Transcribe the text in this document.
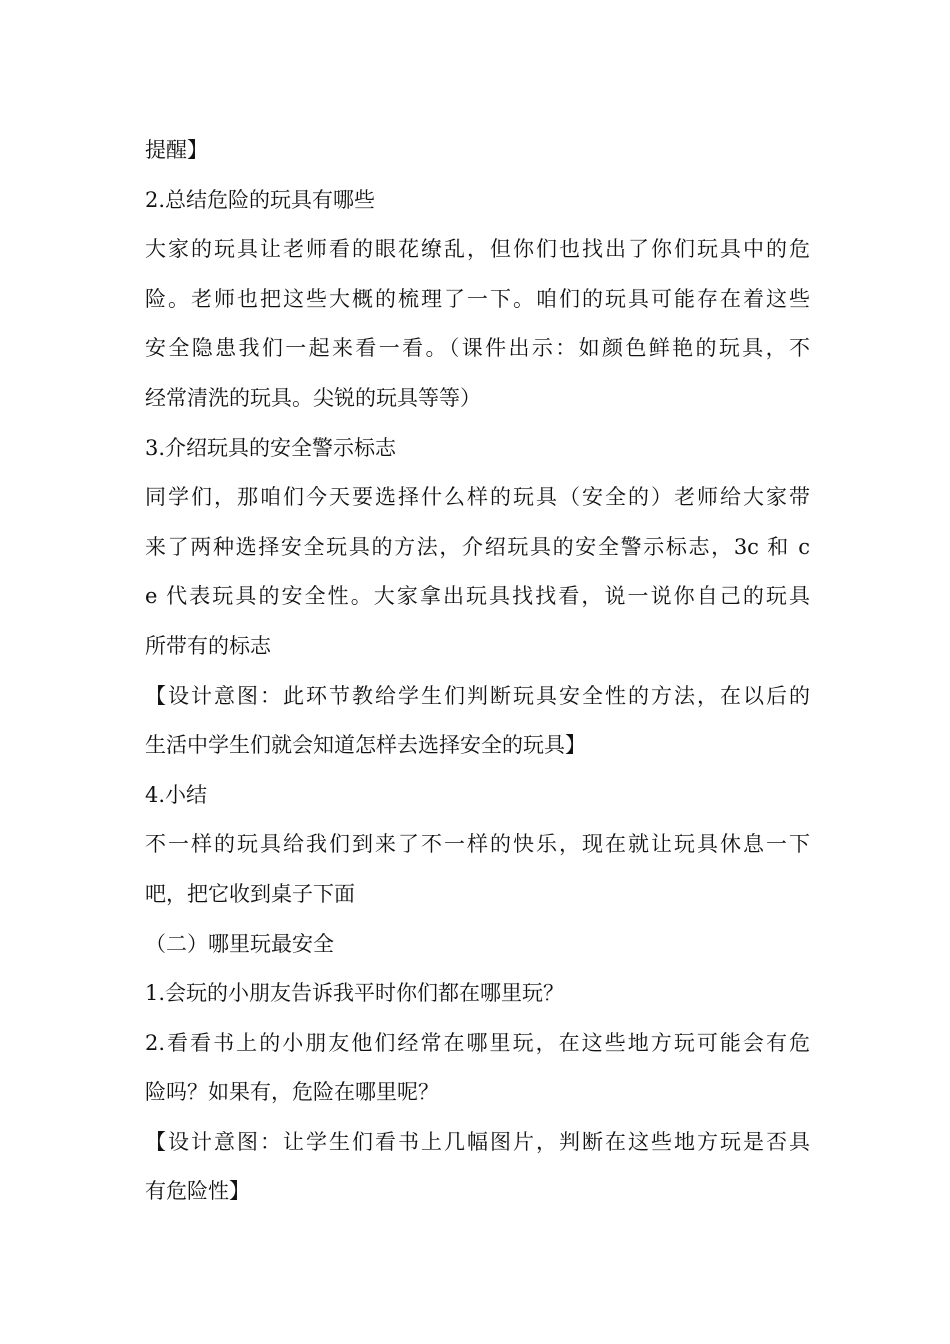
提醒】
2.总结危险的玩具有哪些
大家的玩具让老师看的眼花缭乱，但你们也找出了你们玩具中的危
险。老师也把这些大概的梳理了一下。咱们的玩具可能存在着这些
安全隐患我们一起来看一看。（课件出示：如颜色鲜艳的玩具，不
经常清洗的玩具。尖锐的玩具等等）
3.介绍玩具的安全警示标志
同学们，那咱们今天要选择什么样的玩具（安全的）老师给大家带
来了两种选择安全玩具的方法，介绍玩具的安全警示标志，3c 和 c
e 代表玩具的安全性。大家拿出玩具找找看，说一说你自己的玩具
所带有的标志
【设计意图：此环节教给学生们判断玩具安全性的方法，在以后的
生活中学生们就会知道怎样去选择安全的玩具】
4.小结
不一样的玩具给我们到来了不一样的快乐，现在就让玩具休息一下
吧，把它收到桌子下面
（二）哪里玩最安全
1.会玩的小朋友告诉我平时你们都在哪里玩？
2.看看书上的小朋友他们经常在哪里玩，在这些地方玩可能会有危
险吗？如果有，危险在哪里呢？
【设计意图：让学生们看书上几幅图片，判断在这些地方玩是否具
有危险性】
